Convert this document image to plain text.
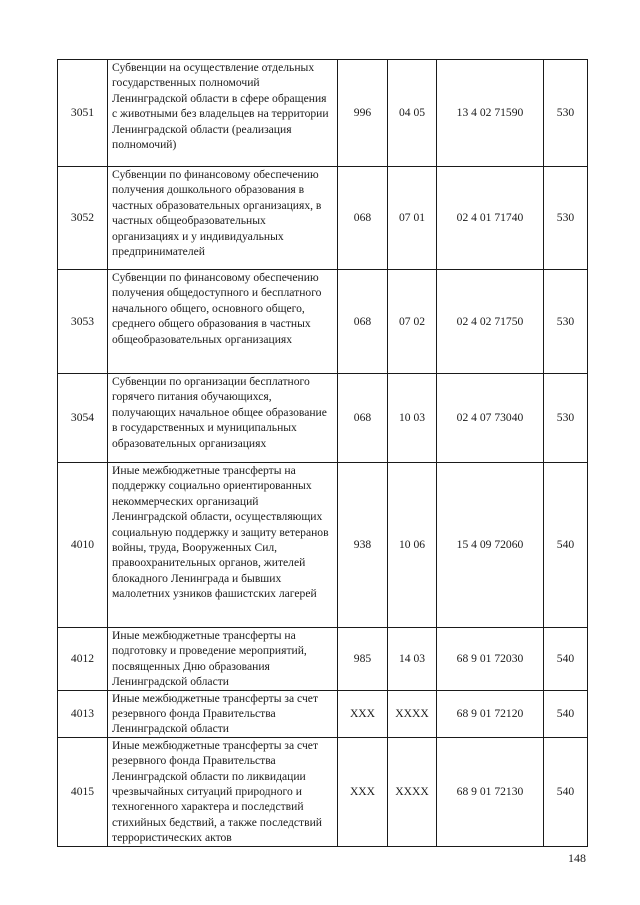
3051	Субвенции на осуществление отдельных государственных полномочий Ленинградской области в сфере обращения с животными без владельцев на территории Ленинградской области (реализация полномочий)	996	04 05	13 4 02 71590	530
3052	Субвенции по финансовому обеспечению получения дошкольного образования в частных образовательных организациях, в частных общеобразовательных организациях и у индивидуальных предпринимателей	068	07 01	02 4 01 71740	530
3053	Субвенции по финансовому обеспечению получения общедоступного и бесплатного начального общего, основного общего, среднего общего образования в частных общеобразовательных организациях	068	07 02	02 4 02 71750	530
3054	Субвенции по организации бесплатного горячего питания обучающихся, получающих начальное общее образование в государственных и муниципальных образовательных организациях	068	10 03	02 4 07 73040	530
4010	Иные межбюджетные трансферты на поддержку социально ориентированных некоммерческих организаций Ленинградской области, осуществляющих социальную поддержку и защиту ветеранов войны, труда, Вооруженных Сил, правоохранительных органов, жителей блокадного Ленинграда и бывших малолетних узников фашистских лагерей	938	10 06	15 4 09 72060	540
4012	Иные межбюджетные трансферты на подготовку и проведение мероприятий, посвященных Дню образования Ленинградской области	985	14 03	68 9 01 72030	540
4013	Иные межбюджетные трансферты за счет резервного фонда Правительства Ленинградской области	XXX	XXXX	68 9 01 72120	540
4015	Иные межбюджетные трансферты за счет резервного фонда Правительства Ленинградской области по ликвидации чрезвычайных ситуаций природного и техногенного характера и последствий стихийных бедствий, а также последствий террористических актов	XXX	XXXX	68 9 01 72130	540
148
